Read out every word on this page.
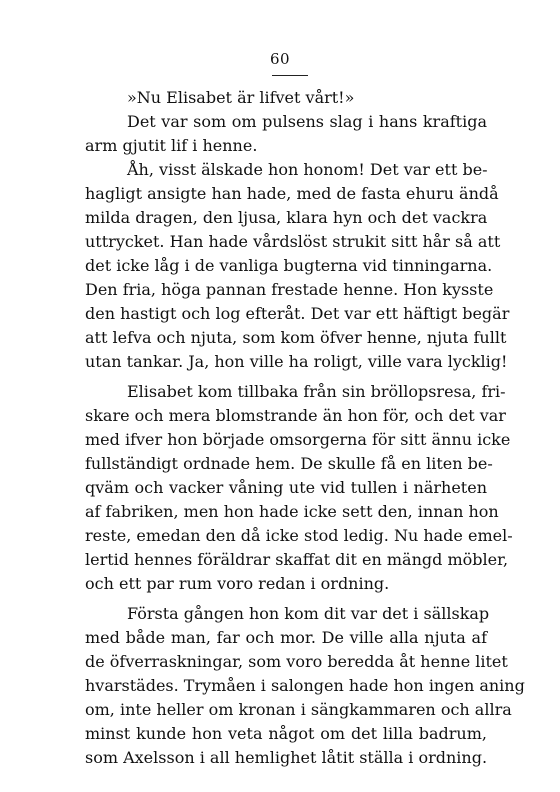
60
»Nu Elisabet är lifvet vårt!»
Det var som om pulsens slag i hans kraftiga
arm gjutit lif i henne.
Åh, visst älskade hon honom! Det var ett be-
hagligt ansigte han hade, med de fasta ehuru ändå
milda dragen, den ljusa, klara hyn och det vackra
uttrycket. Han hade vårdslöst strukit sitt hår så att
det icke låg i de vanliga bugterna vid tinningarna.
Den fria, höga pannan frestade henne. Hon kysste
den hastigt och log efteråt. Det var ett häftigt begär
att lefva och njuta, som kom öfver henne, njuta fullt
utan tankar. Ja, hon ville ha roligt, ville vara lycklig!
Elisabet kom tillbaka från sin bröllopsresa, fri-
skare och mera blomstrande än hon för, och det var
med ifver hon började omsorgerna för sitt ännu icke
fullständigt ordnade hem. De skulle få en liten be-
qväm och vacker våning ute vid tullen i närheten
af fabriken, men hon hade icke sett den, innan hon
reste, emedan den då icke stod ledig. Nu hade emel-
lertid hennes föräldrar skaffat dit en mängd möbler,
och ett par rum voro redan i ordning.
Första gången hon kom dit var det i sällskap
med både man, far och mor. De ville alla njuta af
de öfverraskningar, som voro beredda åt henne litet
hvarstädes. Trymåen i salongen hade hon ingen aning
om, inte heller om kronan i sängkammaren och allra
minst kunde hon veta något om det lilla badrum,
som Axelsson i all hemlighet låtit ställa i ordning.
